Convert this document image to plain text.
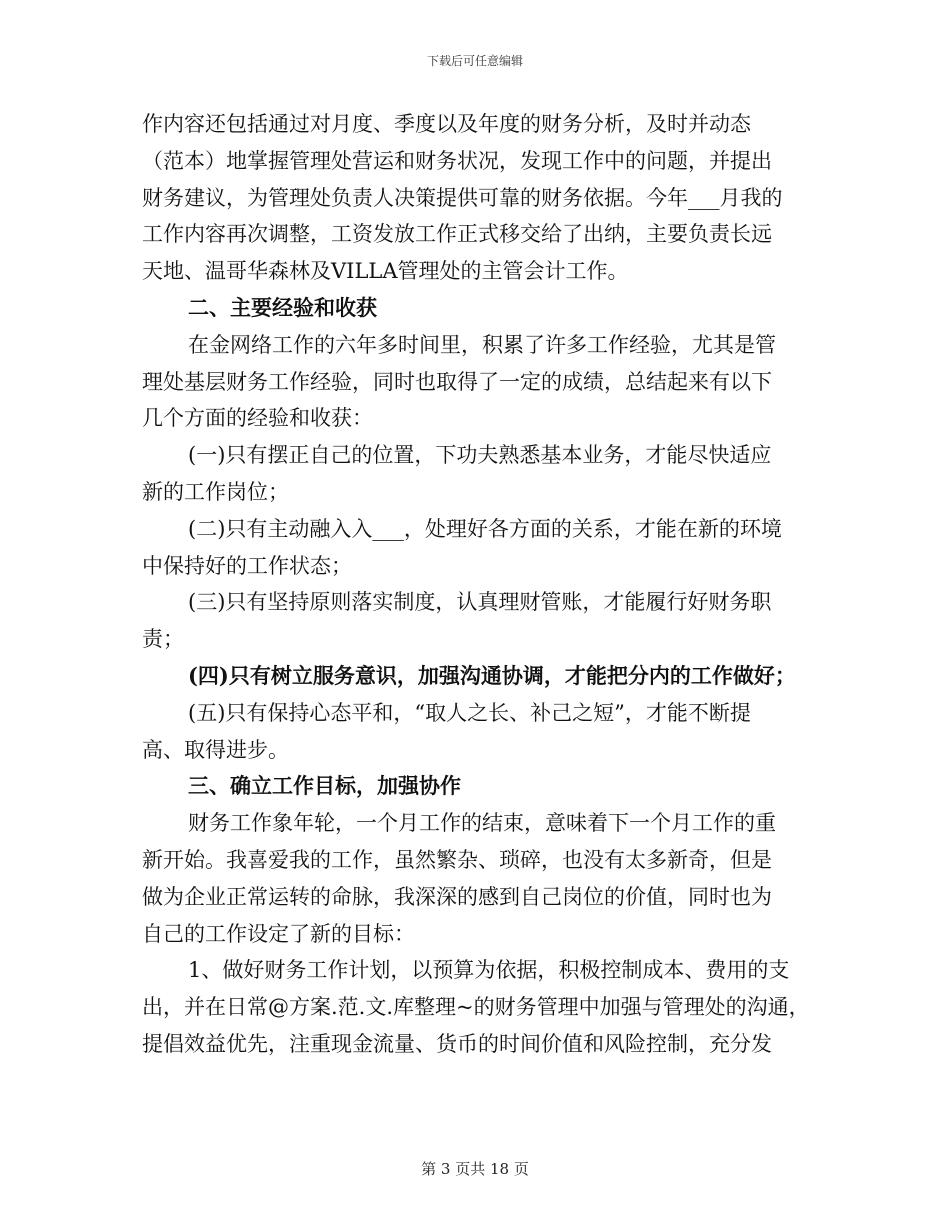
下载后可任意编辑

作内容还包括通过对月度、季度以及年度的财务分析，及时并动态

（范本）地掌握管理处营运和财务状况，发现工作中的问题，并提出

财务建议，为管理处负责人决策提供可靠的财务依据。今年___月我的

工作内容再次调整，工资发放工作正式移交给了出纳，主要负责长远

天地、温哥华森林及VILLA管理处的主管会计工作。

二、主要经验和收获

在金网络工作的六年多时间里，积累了许多工作经验，尤其是管

理处基层财务工作经验，同时也取得了一定的成绩，总结起来有以下

几个方面的经验和收获：

(一)只有摆正自己的位置，下功夫熟悉基本业务，才能尽快适应

新的工作岗位；

(二)只有主动融入入___，处理好各方面的关系，才能在新的环境

中保持好的工作状态；

(三)只有坚持原则落实制度，认真理财管账，才能履行好财务职

责；

(四)只有树立服务意识，加强沟通协调，才能把分内的工作做好；

(五)只有保持心态平和，“取人之长、补己之短”，才能不断提

高、取得进步。

三、确立工作目标，加强协作

财务工作象年轮，一个月工作的结束，意味着下一个月工作的重

新开始。我喜爱我的工作，虽然繁杂、琐碎，也没有太多新奇，但是

做为企业正常运转的命脉，我深深的感到自己岗位的价值，同时也为

自己的工作设定了新的目标：

1、做好财务工作计划，以预算为依据，积极控制成本、费用的支

出，并在日常@方案.范.文.库整理~的财务管理中加强与管理处的沟通，

提倡效益优先，注重现金流量、货币的时间价值和风险控制，充分发

第 3 页共 18 页
